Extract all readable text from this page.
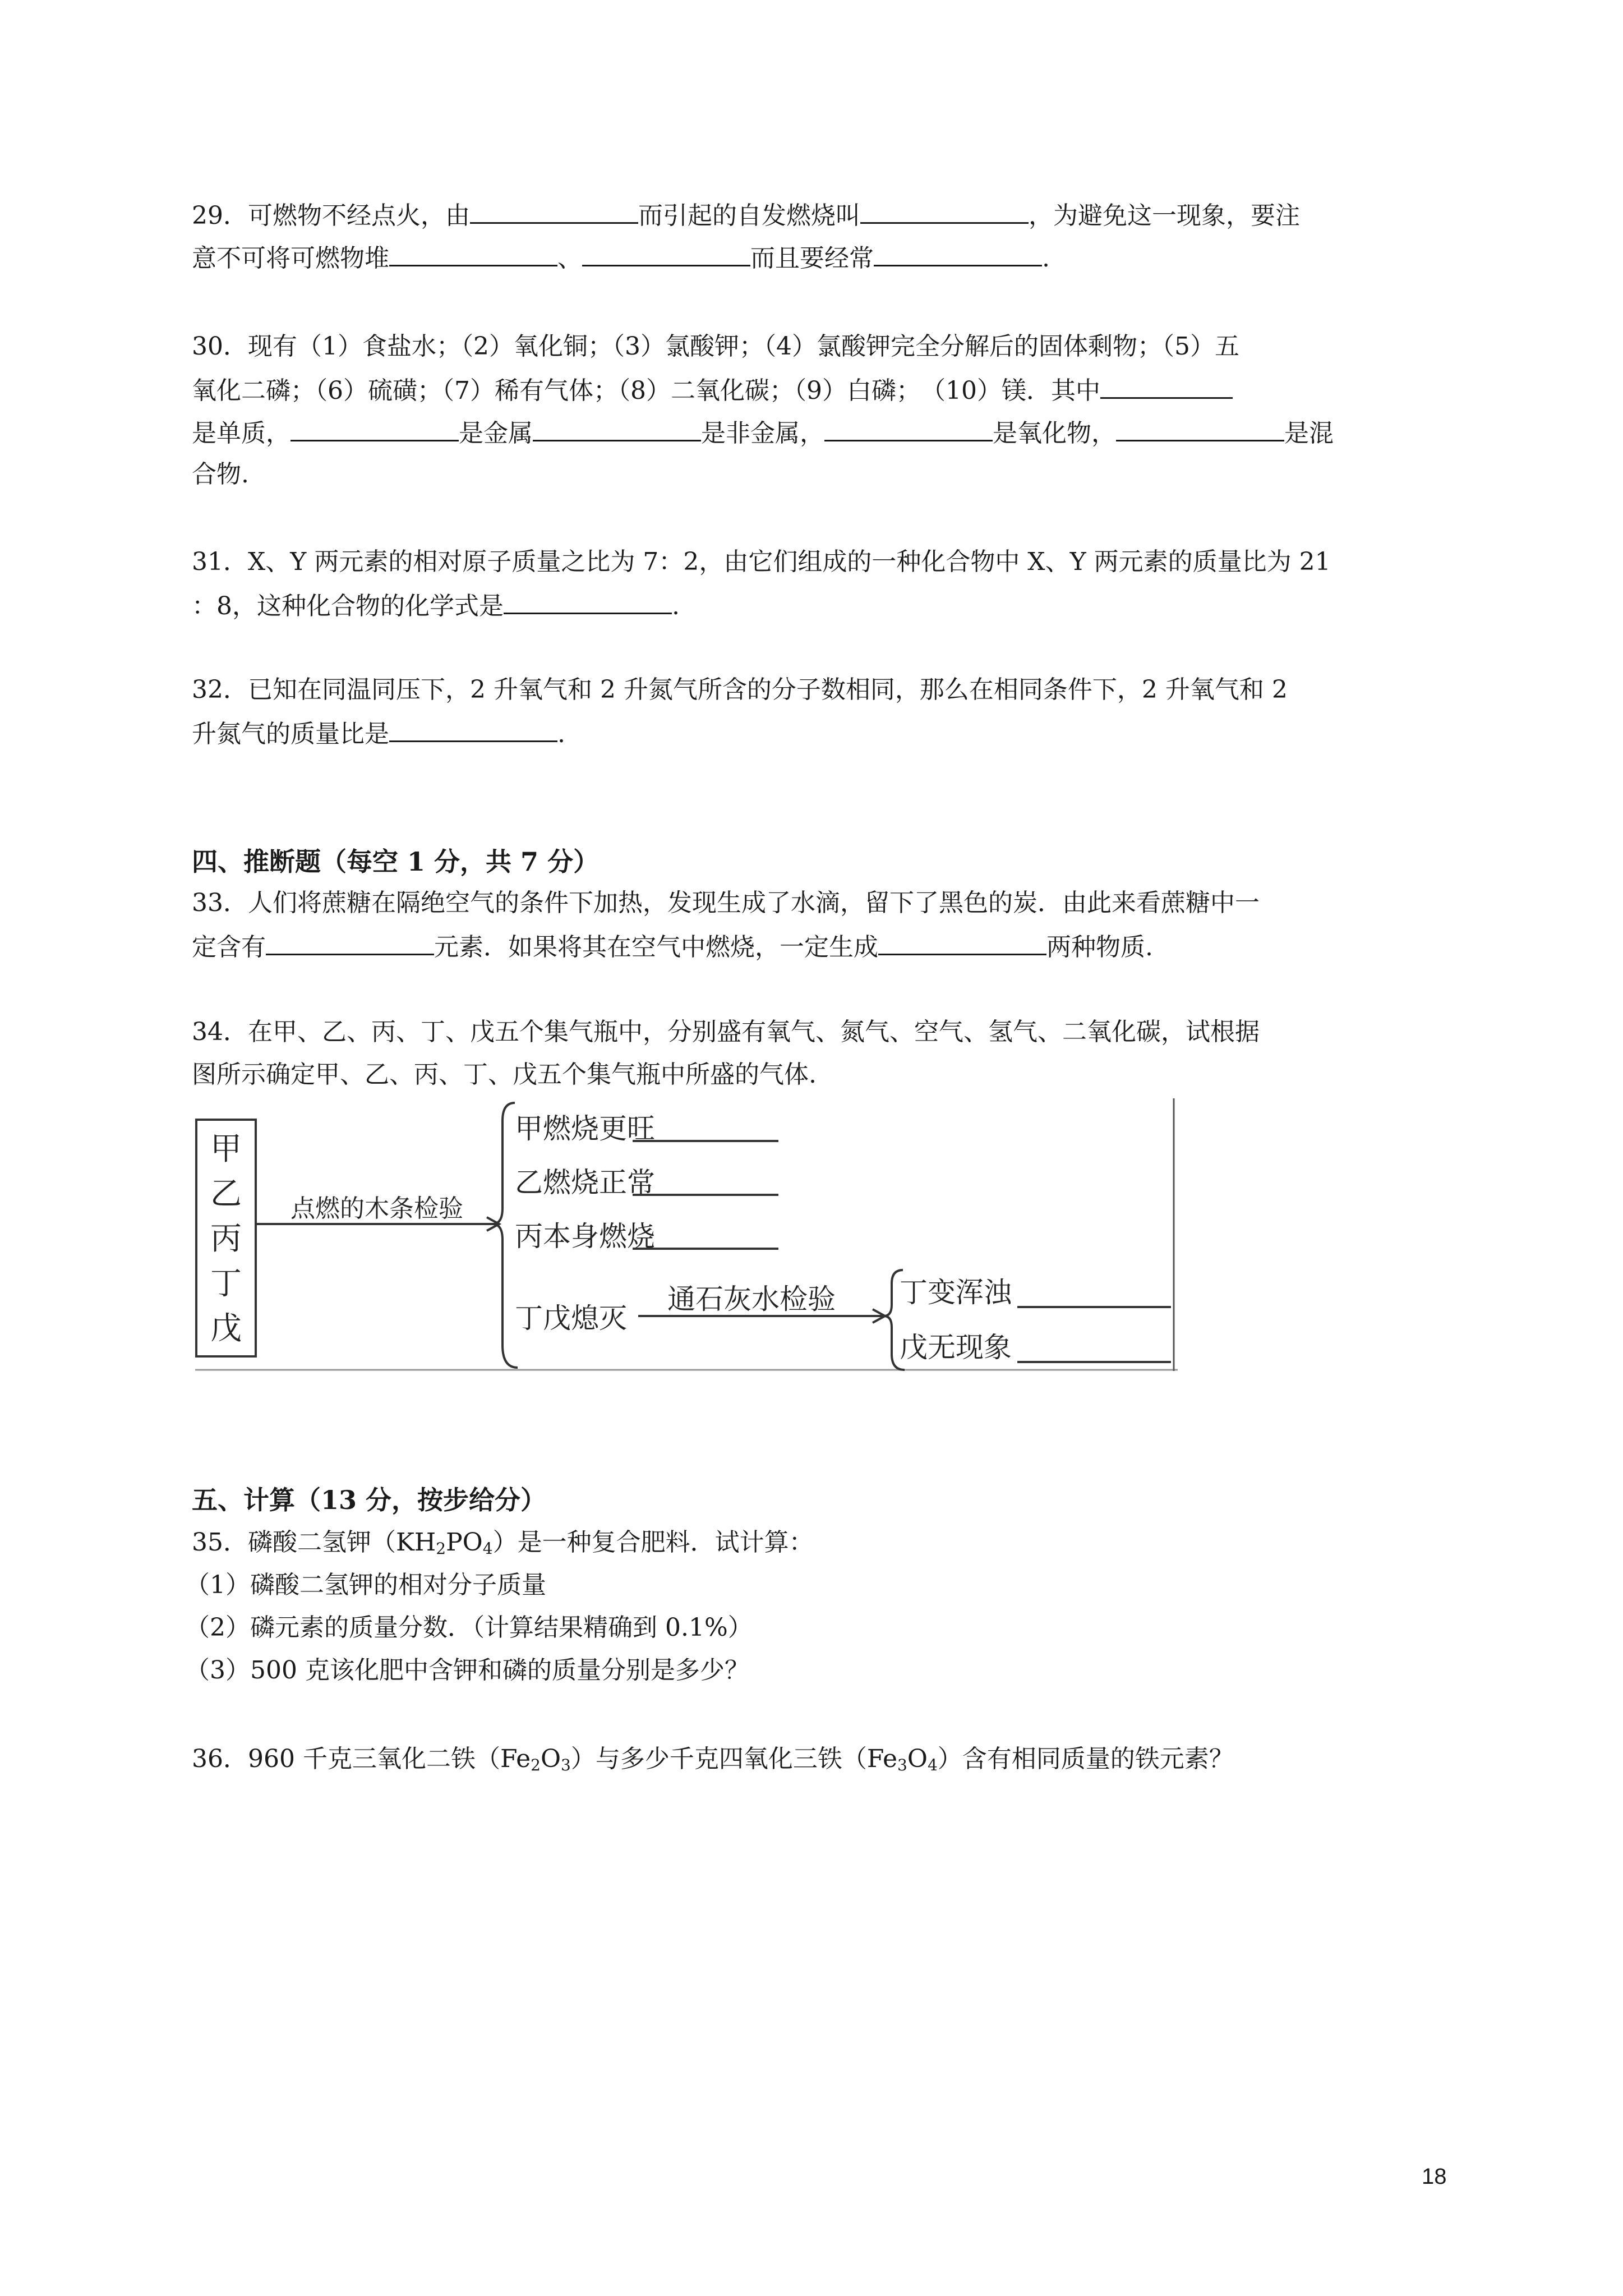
29．可燃物不经点火，由	而引起的自发燃烧叫	，为避免这一现象，要注
意不可将可燃物堆	、	而且要经常	.
30．现有（1）食盐水；（2）氧化铜；（3）氯酸钾；（4）氯酸钾完全分解后的固体剩物；（5）五
氧化二磷；（6）硫磺；（7）稀有气体；（8）二氧化碳；（9）白磷；　（10）镁．其中
是单质，	是金属	是非金属，	是氧化物，	是混
合物.
31．X、Y 两元素的相对原子质量之比为 7：2，由它们组成的一种化合物中 X、Y 两元素的质量比为 21
：8，这种化合物的化学式是	.
32．已知在同温同压下，2 升氧气和 2 升氮气所含的分子数相同，那么在相同条件下，2 升氧气和 2
升氮气的质量比是	.
四、推断题（每空 1 分，共 7 分）
33．人们将蔗糖在隔绝空气的条件下加热，发现生成了水滴，留下了黑色的炭．由此来看蔗糖中一
定含有	元素．如果将其在空气中燃烧，一定生成	两种物质.
34．在甲、乙、丙、丁、戊五个集气瓶中，分别盛有氧气、氮气、空气、氢气、二氧化碳，试根据
图所示确定甲、乙、丙、丁、戊五个集气瓶中所盛的气体.
甲
乙
丙
丁
戊
点燃的木条检验
甲燃烧更旺
乙燃烧正常
丙本身燃烧
丁戊熄灭
通石灰水检验 丁变浑浊
戊无现象
五、计算（13 分，按步给分）
35．磷酸二氢钾$(KH_2PO_4)$是一种复合肥料．试计算：
（1）磷酸二氢钾的相对分子质量
（2）磷元素的质量分数．（计算结果精确到 0.1%）
（3）500 克该化肥中含钾和磷的质量分别是多少？
36．960 千克三氧化二铁$(Fe_2O_3)$与多少千克四氧化三铁$(Fe_3O_4)$含有相同质量的铁元素？
18
